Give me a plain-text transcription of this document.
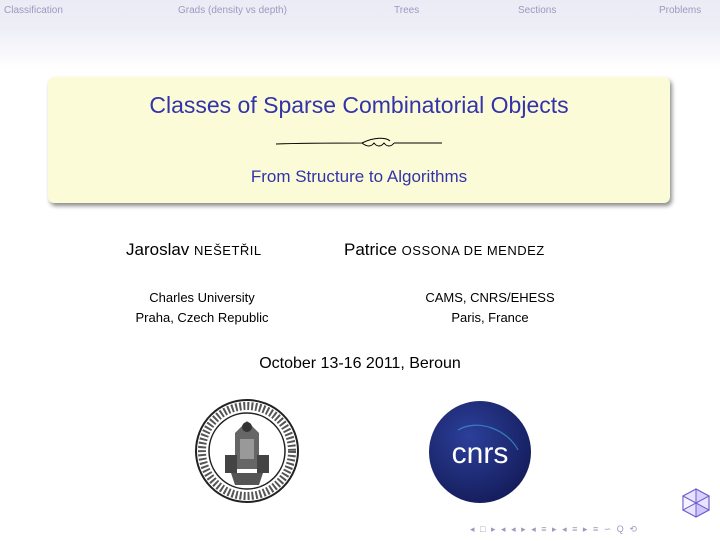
Classification	Grads (density vs depth)	Trees	Sections	Problems
Classes of Sparse Combinatorial Objects
From Structure to Algorithms
Jaroslav NEŠETŘIL	Patrice OSSONA DE MENDEZ
Charles University
Praha, Czech Republic
CAMS, CNRS/EHESS
Paris, France
October 13-16 2011, Beroun
cnrs
◂ □ ▸ ◂ ◂ ▸ ◂ ≡ ▸ ◂ ≡ ▸ ≡ ∽ Q ⟲
